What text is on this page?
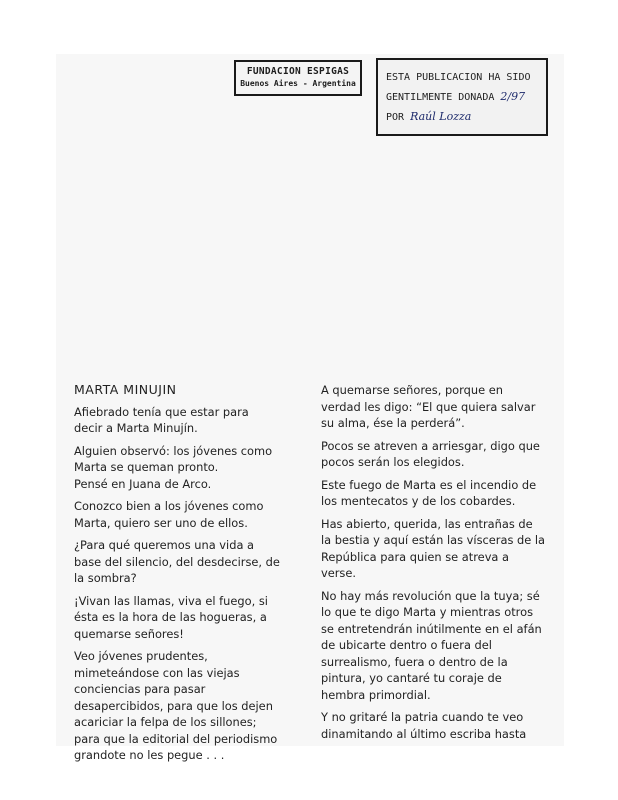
FUNDACION ESPIGAS
Buenos Aires - Argentina
ESTA PUBLICACION HA SIDO
GENTILMENTE DONADA 2/97
POR Raúl Lozza

MARTA MINUJIN

Afiebrado tenía que estar para decir a Marta Minujín.

Alguien observó: los jóvenes como Marta se queman pronto.
Pensé en Juana de Arco.

Conozco bien a los jóvenes como Marta, quiero ser uno de ellos.

¿Para qué queremos una vida a base del silencio, del desdecirse, de la sombra?

¡Vivan las llamas, viva el fuego, si ésta es la hora de las hogueras, a quemarse señores!

Veo jóvenes prudentes, mimeteándose con las viejas conciencias para pasar desapercibidos, para que los dejen acariciar la felpa de los sillones; para que la editorial del periodismo grandote no les pegue . . .

A quemarse señores, porque en verdad les digo: “El que quiera salvar su alma, ése la perderá”.

Pocos se atreven a arriesgar, digo que pocos serán los elegidos.

Este fuego de Marta es el incendio de los mentecatos y de los cobardes.

Has abierto, querida, las entrañas de la bestia y aquí están las vísceras de la República para quien se atreva a verse.

No hay más revolución que la tuya; sé lo que te digo Marta y mientras otros se entretendrán inútilmente en el afán de ubicarte dentro o fuera del surrealismo, fuera o dentro de la pintura, yo cantaré tu coraje de hembra primordial.

Y no gritaré la patria cuando te veo dinamitando al último escriba hasta
